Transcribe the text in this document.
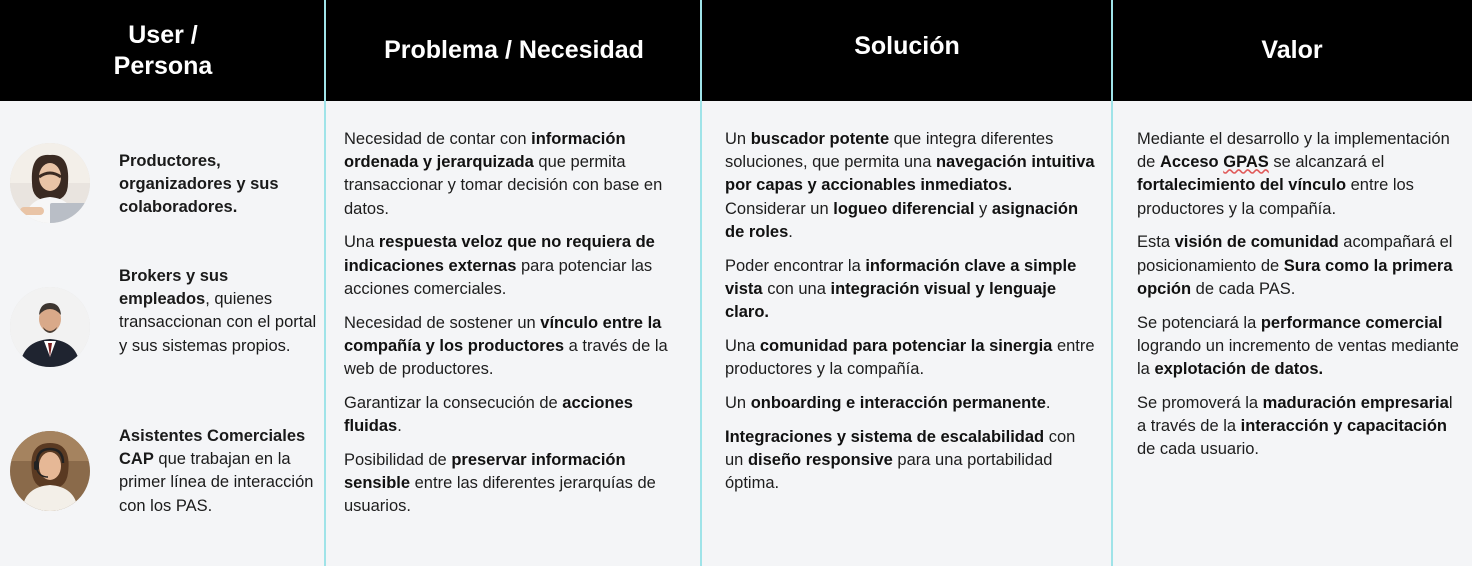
User / Persona
Problema / Necesidad	Solución	Valor
Productores, organizadores y sus colaboradores.
Brokers y sus empleados, quienes transaccionan con el portal y sus sistemas propios.
Asistentes Comerciales CAP que trabajan en la primer línea de interacción con los PAS.

Necesidad de contar con información ordenada y jerarquizada que permita transaccionar y tomar decisión con base en datos.

Una respuesta veloz que no requiera de indicaciones externas para potenciar las acciones comerciales.

Necesidad de sostener un vínculo entre la compañía y los productores a través de la web de productores.

Garantizar la consecución de acciones fluidas.

Posibilidad de preservar información sensible entre las diferentes jerarquías de usuarios.

Un buscador potente que integra diferentes soluciones, que permita una navegación intuitiva por capas y accionables inmediatos. Considerar un logueo diferencial y asignación de roles.

Poder encontrar la información clave a simple vista con una integración visual y lenguaje claro.

Una comunidad para potenciar la sinergia entre productores y la compañía.

Un onboarding e interacción permanente.

Integraciones y sistema de escalabilidad con un diseño responsive para una portabilidad óptima.

Mediante el desarrollo y la implementación de Acceso GPAS se alcanzará el fortalecimiento del vínculo entre los productores y la compañía.

Esta visión de comunidad acompañará el posicionamiento de Sura como la primera opción de cada PAS.

Se potenciará la performance comercial logrando un incremento de ventas mediante la explotación de datos.

Se promoverá la maduración empresarial a través de la interacción y capacitación de cada usuario.
